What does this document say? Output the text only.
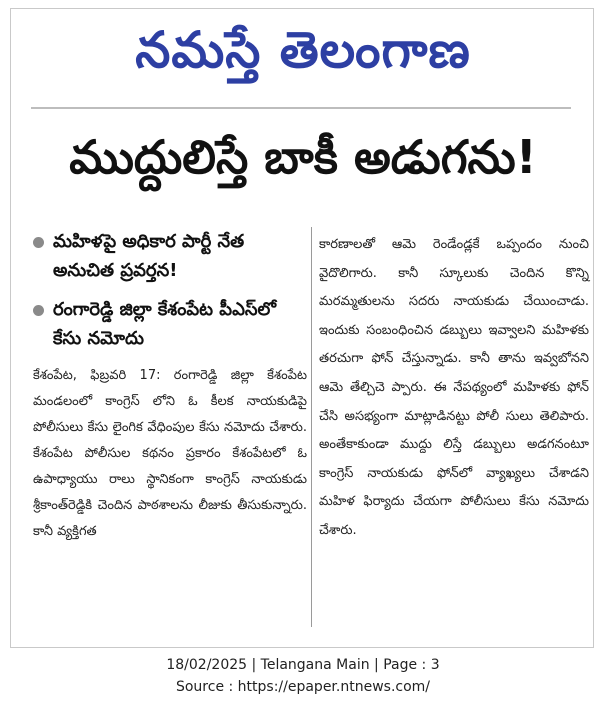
నమస్తే తెలంగాణ
ముద్దులిస్తే బాకీ అడుగను!
మహిళపై అధికార పార్టీ నేత అనుచిత ప్రవర్తన!
రంగారెడ్డి జిల్లా కేశంపేట పీఎస్‌లో కేసు నమోదు
కేశంపేట, ఫిబ్రవరి 17: రంగారెడ్డి జిల్లా కేశంపేట మండలంలో కాంగ్రెస్ లోని ఓ కీలక నాయకుడిపై పోలీసులు కేసు లైంగిక వేధింపుల కేసు నమోదు చేశారు. కేశంపేట పోలీసుల కథనం ప్రకారం కేశంపేటలో ఓ ఉపాధ్యాయు రాలు స్థానికంగా కాంగ్రెస్ నాయకుడు శ్రీకాంత్‌రెడ్డికి చెందిన పాఠశాలను లీజుకు తీసుకున్నారు. కానీ వ్యక్తిగత
కారణాలతో ఆమె రెండేండ్లకే ఒప్పందం నుంచి వైదొలిగారు. కానీ స్కూలుకు చెందిన కొన్ని మరమ్మతులను సదరు నాయకుడు చేయించాడు. ఇందుకు సంబంధించిన డబ్బులు ఇవ్వాలని మహిళకు తరచుగా ఫోన్ చేస్తున్నాడు. కానీ తాను ఇవ్వబోనని ఆమె తేల్చిచె ప్పారు. ఈ నేపథ్యంలో మహిళకు ఫోన్ చేసి అసభ్యంగా మాట్లాడినట్టు పోలీ సులు తెలిపారు. అంతేకాకుండా ముద్దు లిస్తే డబ్బులు అడగనంటూ కాంగ్రెస్ నాయకుడు ఫోన్‌లో వ్యాఖ్యలు చేశాడని మహిళ ఫిర్యాదు చేయగా పోలీసులు కేసు నమోదు చేశారు.
18/02/2025 | Telangana Main | Page : 3
Source : https://epaper.ntnews.com/
